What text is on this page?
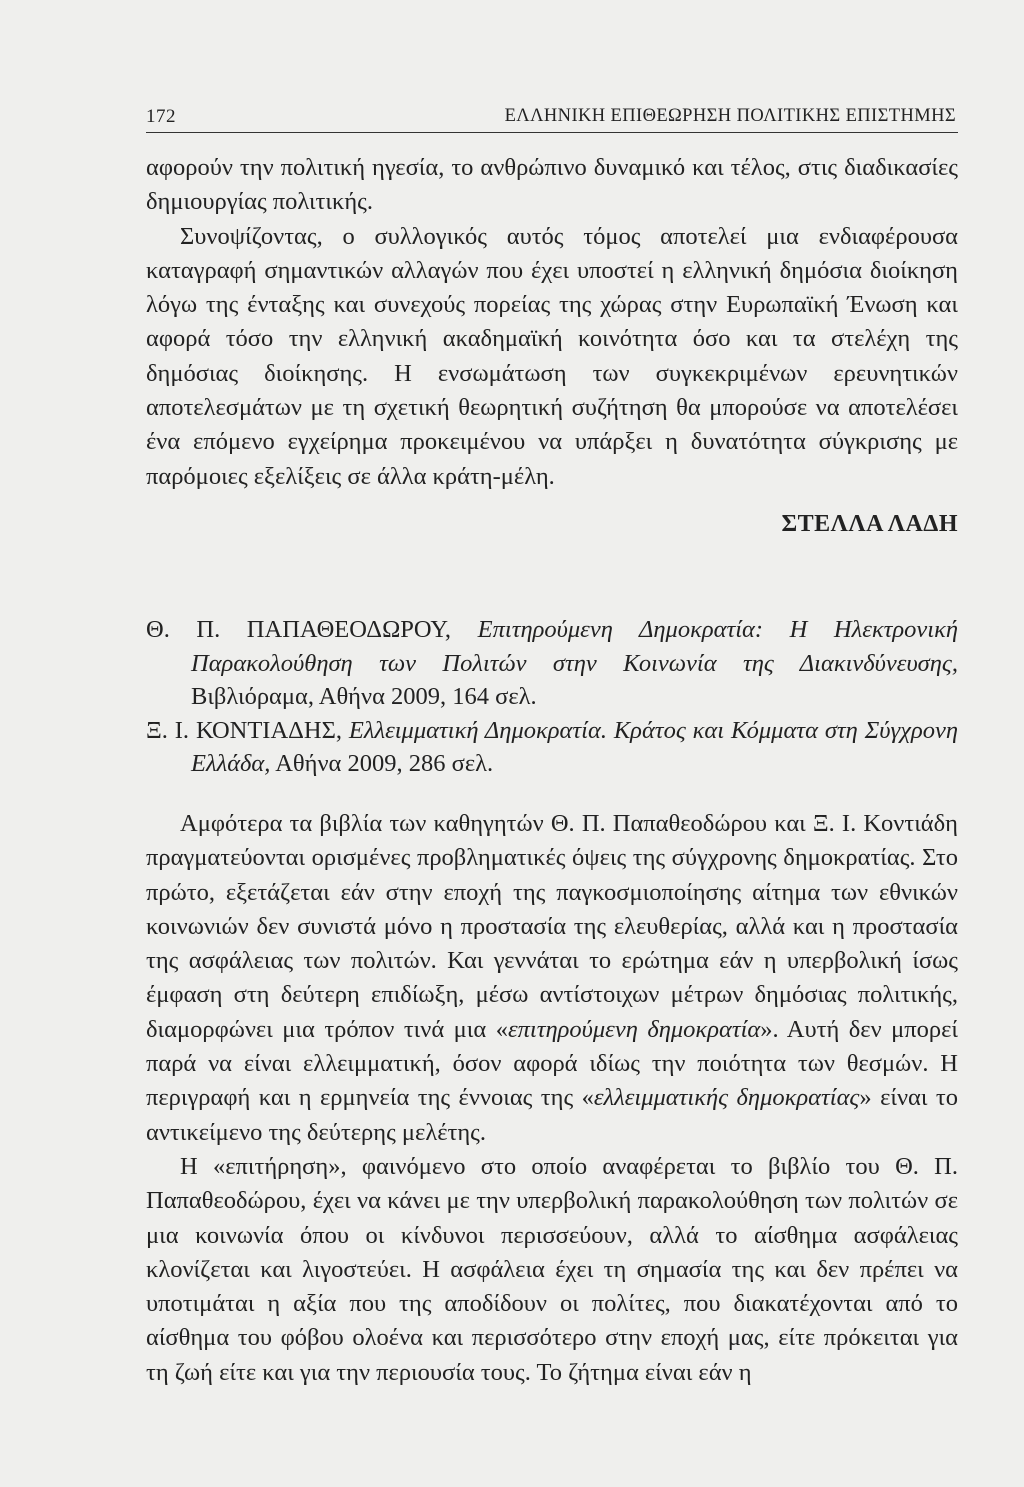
172	ΕΛΛΗΝΙΚΗ ΕΠΙΘΕΩΡΗΣΗ ΠΟΛΙΤΙΚΗΣ ΕΠΙΣΤΗΜΗΣ

αφορούν την πολιτική ηγεσία, το ανθρώπινο δυναμικό και τέλος, στις διαδικασίες δημιουργίας πολιτικής.

Συνοψίζοντας, ο συλλογικός αυτός τόμος αποτελεί μια ενδιαφέρουσα καταγραφή σημαντικών αλλαγών που έχει υποστεί η ελληνική δημόσια διοίκηση λόγω της ένταξης και συνεχούς πορείας της χώρας στην Ευρωπαϊκή Ένωση και αφορά τόσο την ελληνική ακαδημαϊκή κοινότητα όσο και τα στελέχη της δημόσιας διοίκησης. Η ενσωμάτωση των συγκεκριμένων ερευνητικών αποτελεσμάτων με τη σχετική θεωρητική συζήτηση θα μπορούσε να αποτελέσει ένα επόμενο εγχείρημα προκειμένου να υπάρξει η δυνατότητα σύγκρισης με παρόμοιες εξελίξεις σε άλλα κράτη-μέλη.

ΣΤΕΛΛΑ ΛΑΔΗ

Θ. Π. ΠΑΠΑΘΕΟΔΩΡΟΥ, Επιτηρούμενη Δημοκρατία: Η Ηλεκτρονική Παρακολούθηση των Πολιτών στην Κοινωνία της Διακινδύνευσης, Βιβλιόραμα, Αθήνα 2009, 164 σελ.

Ξ. Ι. ΚΟΝΤΙΑΔΗΣ, Ελλειμματική Δημοκρατία. Κράτος και Κόμματα στη Σύγχρονη Ελλάδα, Αθήνα 2009, 286 σελ.

Αμφότερα τα βιβλία των καθηγητών Θ. Π. Παπαθεοδώρου και Ξ. Ι. Κοντιάδη πραγματεύονται ορισμένες προβληματικές όψεις της σύγχρονης δημοκρατίας. Στο πρώτο, εξετάζεται εάν στην εποχή της παγκοσμιοποίησης αίτημα των εθνικών κοινωνιών δεν συνιστά μόνο η προστασία της ελευθερίας, αλλά και η προστασία της ασφάλειας των πολιτών. Και γεννάται το ερώτημα εάν η υπερβολική ίσως έμφαση στη δεύτερη επιδίωξη, μέσω αντίστοιχων μέτρων δημόσιας πολιτικής, διαμορφώνει μια τρόπον τινά μια «επιτηρούμενη δημοκρατία». Αυτή δεν μπορεί παρά να είναι ελλειμματική, όσον αφορά ιδίως την ποιότητα των θεσμών. Η περιγραφή και η ερμηνεία της έννοιας της «ελλειμματικής δημοκρατίας» είναι το αντικείμενο της δεύτερης μελέτης.

Η «επιτήρηση», φαινόμενο στο οποίο αναφέρεται το βιβλίο του Θ. Π. Παπαθεοδώρου, έχει να κάνει με την υπερβολική παρακολούθηση των πολιτών σε μια κοινωνία όπου οι κίνδυνοι περισσεύουν, αλλά το αίσθημα ασφάλειας κλονίζεται και λιγοστεύει. Η ασφάλεια έχει τη σημασία της και δεν πρέπει να υποτιμάται η αξία που της αποδίδουν οι πολίτες, που διακατέχονται από το αίσθημα του φόβου ολοένα και περισσότερο στην εποχή μας, είτε πρόκειται για τη ζωή είτε και για την περιουσία τους. Το ζήτημα είναι εάν η
